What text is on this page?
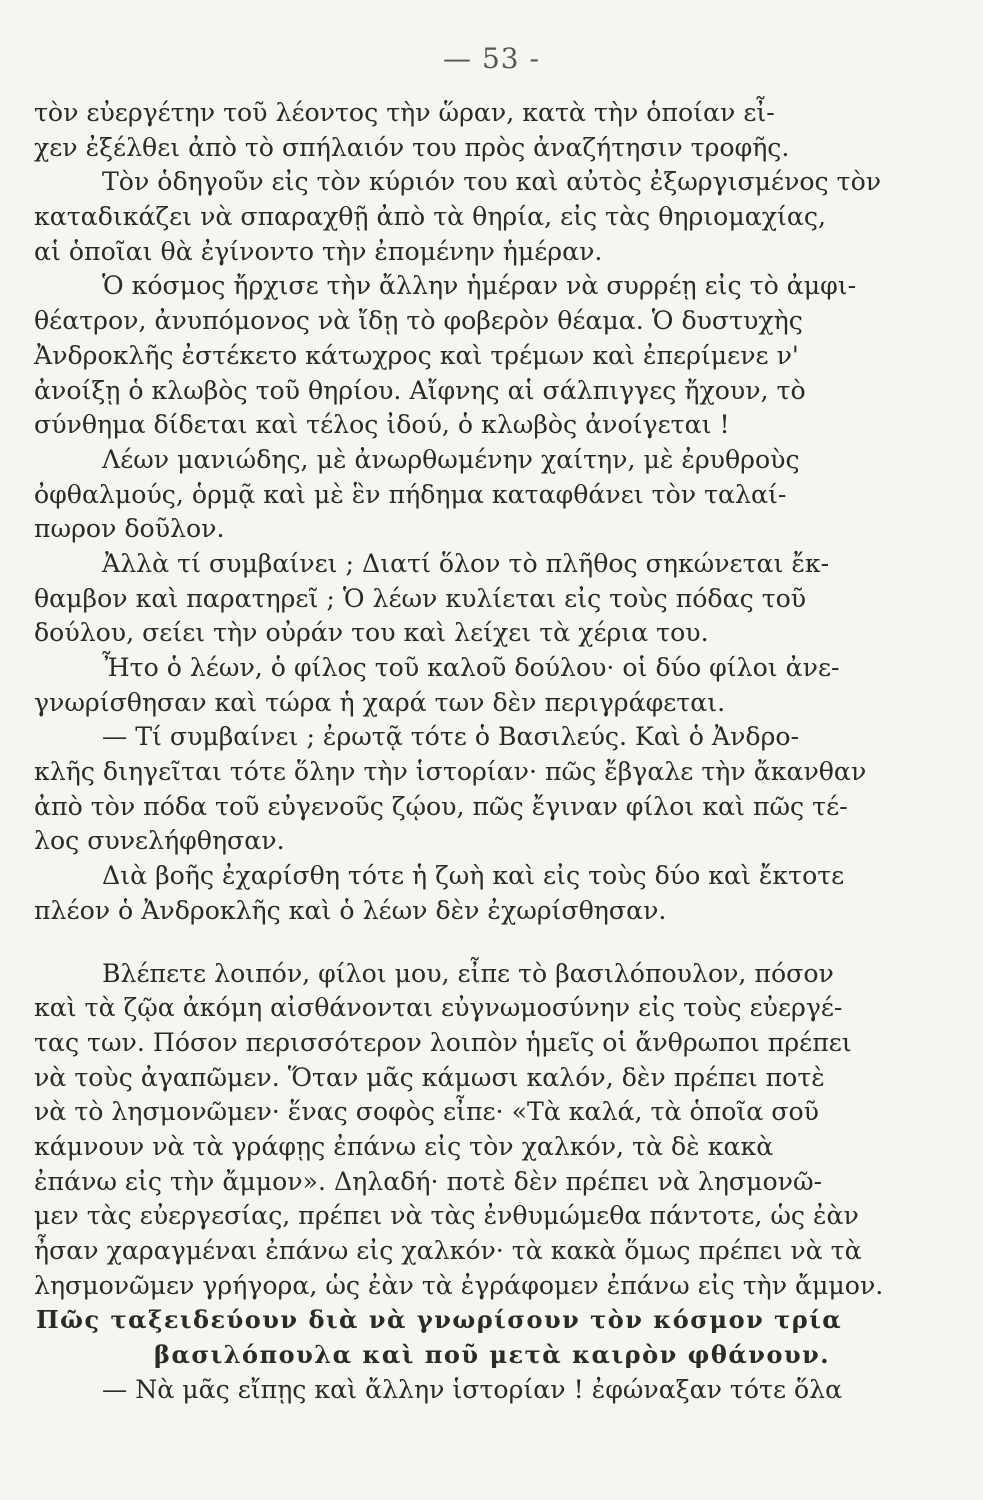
— 53 -
τὸν εὐεργέτην τοῦ λέοντος τὴν ὥραν, κατὰ τὴν ὁποίαν εἶ-
χεν ἐξέλθει ἀπὸ τὸ σπήλαιόν του πρὸς ἀναζήτησιν τροφῆς.
Τὸν ὁδηγοῦν εἰς τὸν κύριόν του καὶ αὐτὸς ἐξωργισμένος τὸν
καταδικάζει νὰ σπαραχθῇ ἀπὸ τὰ θηρία, εἰς τὰς θηριομαχίας,
αἱ ὁποῖαι θὰ ἐγίνοντο τὴν ἐπομένην ἡμέραν.
Ὁ κόσμος ἤρχισε τὴν ἄλλην ἡμέραν νὰ συρρέῃ εἰς τὸ ἀμφι-
θέατρον, ἀνυπόμονος νὰ ἴδῃ τὸ φοβερὸν θέαμα. Ὁ δυστυχὴς
Ἀνδροκλῆς ἐστέκετο κάτωχρος καὶ τρέμων καὶ ἐπερίμενε ν'
ἀνοίξῃ ὁ κλωβὸς τοῦ θηρίου. Αἴφνης αἱ σάλπιγγες ἤχουν, τὸ
σύνθημα δίδεται καὶ τέλος ἰδού, ὁ κλωβὸς ἀνοίγεται !
Λέων μανιώδης, μὲ ἀνωρθωμένην χαίτην, μὲ ἐρυθροὺς
ὀφθαλμούς, ὁρμᾷ καὶ μὲ ἓν πήδημα καταφθάνει τὸν ταλαί-
πωρον δοῦλον.
Ἀλλὰ τί συμβαίνει ; Διατί ὅλον τὸ πλῆθος σηκώνεται ἔκ-
θαμβον καὶ παρατηρεῖ ; Ὁ λέων κυλίεται εἰς τοὺς πόδας τοῦ
δούλου, σείει τὴν οὐράν του καὶ λείχει τὰ χέρια του.
Ἦτο ὁ λέων, ὁ φίλος τοῦ καλοῦ δούλου· οἱ δύο φίλοι ἀνε-
γνωρίσθησαν καὶ τώρα ἡ χαρά των δὲν περιγράφεται.
— Τί συμβαίνει ; ἐρωτᾷ τότε ὁ Βασιλεύς. Καὶ ὁ Ἀνδρο-
κλῆς διηγεῖται τότε ὅλην τὴν ἱστορίαν· πῶς ἔβγαλε τὴν ἄκανθαν
ἀπὸ τὸν πόδα τοῦ εὐγενοῦς ζῴου, πῶς ἔγιναν φίλοι καὶ πῶς τέ-
λος συνελήφθησαν.
Διὰ βοῆς ἐχαρίσθη τότε ἡ ζωὴ καὶ εἰς τοὺς δύο καὶ ἔκτοτε
πλέον ὁ Ἀνδροκλῆς καὶ ὁ λέων δὲν ἐχωρίσθησαν.
Βλέπετε λοιπόν, φίλοι μου, εἶπε τὸ βασιλόπουλον, πόσον
καὶ τὰ ζῷα ἀκόμη αἰσθάνονται εὐγνωμοσύνην εἰς τοὺς εὐεργέ-
τας των. Πόσον περισσότερον λοιπὸν ἡμεῖς οἱ ἄνθρωποι πρέπει
νὰ τοὺς ἀγαπῶμεν. Ὅταν μᾶς κάμωσι καλόν, δὲν πρέπει ποτὲ
νὰ τὸ λησμονῶμεν· ἕνας σοφὸς εἶπε· «Τὰ καλά, τὰ ὁποῖα σοῦ
κάμνουν νὰ τὰ γράφῃς ἐπάνω εἰς τὸν χαλκόν, τὰ δὲ κακὰ
ἐπάνω εἰς τὴν ἄμμον». Δηλαδή· ποτὲ δὲν πρέπει νὰ λησμονῶ-
μεν τὰς εὐεργεσίας, πρέπει νὰ τὰς ἐνθυμώμεθα πάντοτε, ὡς ἐὰν
ἦσαν χαραγμέναι ἐπάνω εἰς χαλκόν· τὰ κακὰ ὅμως πρέπει νὰ τὰ
λησμονῶμεν γρήγορα, ὡς ἐὰν τὰ ἐγράφομεν ἐπάνω εἰς τὴν ἄμμον.
Πῶς ταξειδεύουν διὰ νὰ γνωρίσουν τὸν κόσμον τρία
βασιλόπουλα καὶ ποῦ μετὰ καιρὸν φθάνουν.
— Νὰ μᾶς εἴπῃς καὶ ἄλλην ἱστορίαν ! ἐφώναξαν τότε ὅλα
